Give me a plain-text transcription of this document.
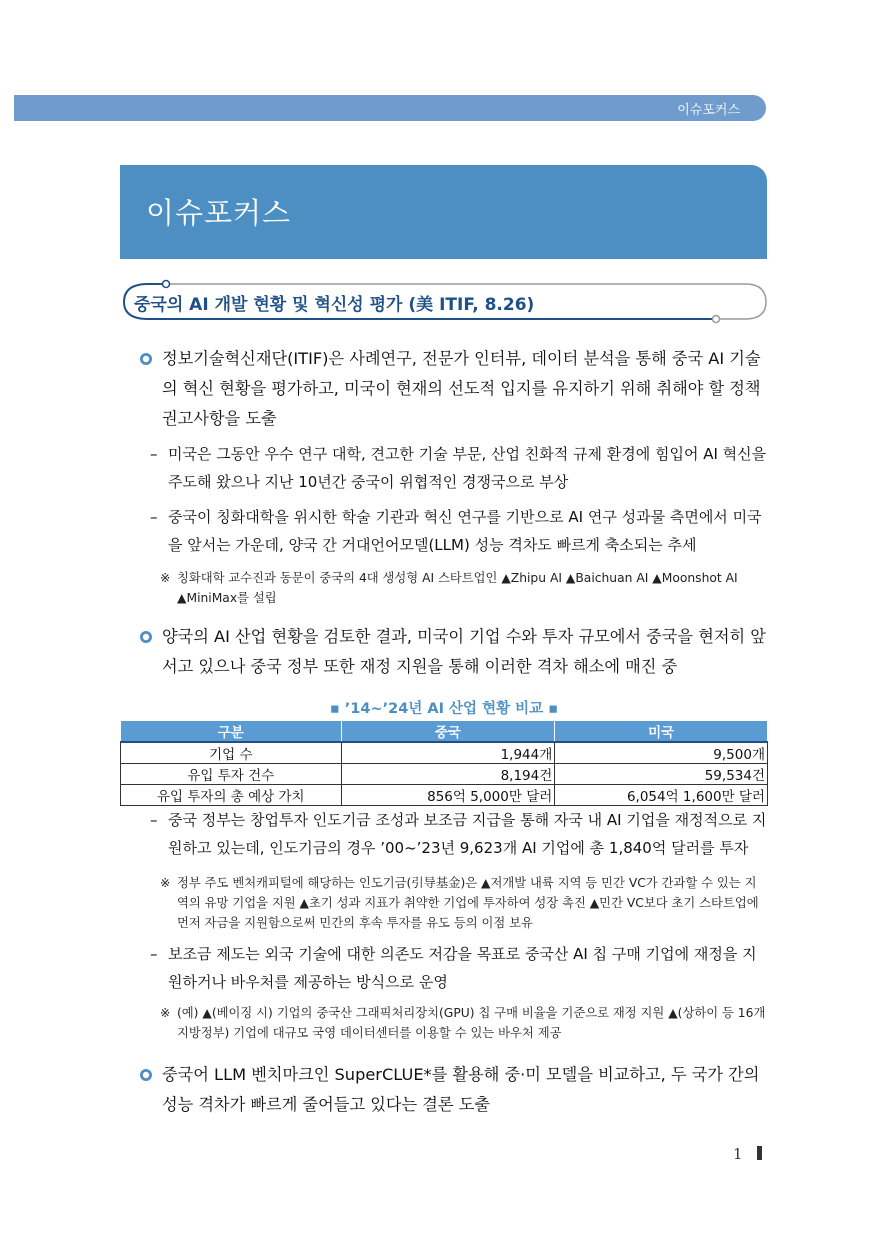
이슈포커스
이슈포커스
중국의 AI 개발 현황 및 혁신성 평가 (美 ITIF, 8.26)
정보기술혁신재단(ITIF)은 사례연구, 전문가 인터뷰, 데이터 분석을 통해 중국 AI 기술의 혁신 현황을 평가하고, 미국이 현재의 선도적 입지를 유지하기 위해 취해야 할 정책 권고사항을 도출
– 미국은 그동안 우수 연구 대학, 견고한 기술 부문, 산업 친화적 규제 환경에 힘입어 AI 혁신을 주도해 왔으나 지난 10년간 중국이 위협적인 경쟁국으로 부상
– 중국이 칭화대학을 위시한 학술 기관과 혁신 연구를 기반으로 AI 연구 성과물 측면에서 미국을 앞서는 가운데, 양국 간 거대언어모델(LLM) 성능 격차도 빠르게 축소되는 추세
※ 칭화대학 교수진과 동문이 중국의 4대 생성형 AI 스타트업인 ▲Zhipu AI ▲Baichuan AI ▲Moonshot AI ▲MiniMax를 설립
양국의 AI 산업 현황을 검토한 결과, 미국이 기업 수와 투자 규모에서 중국을 현저히 앞서고 있으나 중국 정부 또한 재정 지원을 통해 이러한 격차 해소에 매진 중
▪ ’14~’24년 AI 산업 현황 비교 ▪
구분	중국	미국
기업 수	1,944개	9,500개
유입 투자 건수	8,194건	59,534건
유입 투자의 총 예상 가치	856억 5,000만 달러	6,054억 1,600만 달러
– 중국 정부는 창업투자 인도기금 조성과 보조금 지급을 통해 자국 내 AI 기업을 재정적으로 지원하고 있는데, 인도기금의 경우 ’00~’23년 9,623개 AI 기업에 총 1,840억 달러를 투자
※ 정부 주도 벤처캐피털에 해당하는 인도기금(引导基金)은 ▲저개발 내륙 지역 등 민간 VC가 간과할 수 있는 지역의 유망 기업을 지원 ▲초기 성과 지표가 취약한 기업에 투자하여 성장 촉진 ▲민간 VC보다 초기 스타트업에 먼저 자금을 지원함으로써 민간의 후속 투자를 유도 등의 이점 보유
– 보조금 제도는 외국 기술에 대한 의존도 저감을 목표로 중국산 AI 칩 구매 기업에 재정을 지원하거나 바우처를 제공하는 방식으로 운영
※ (예) ▲(베이징 시) 기업의 중국산 그래픽처리장치(GPU) 칩 구매 비율을 기준으로 재정 지원 ▲(상하이 등 16개 지방정부) 기업에 대규모 국영 데이터센터를 이용할 수 있는 바우처 제공
중국어 LLM 벤치마크인 SuperCLUE*를 활용해 중·미 모델을 비교하고, 두 국가 간의 성능 격차가 빠르게 줄어들고 있다는 결론 도출
1
